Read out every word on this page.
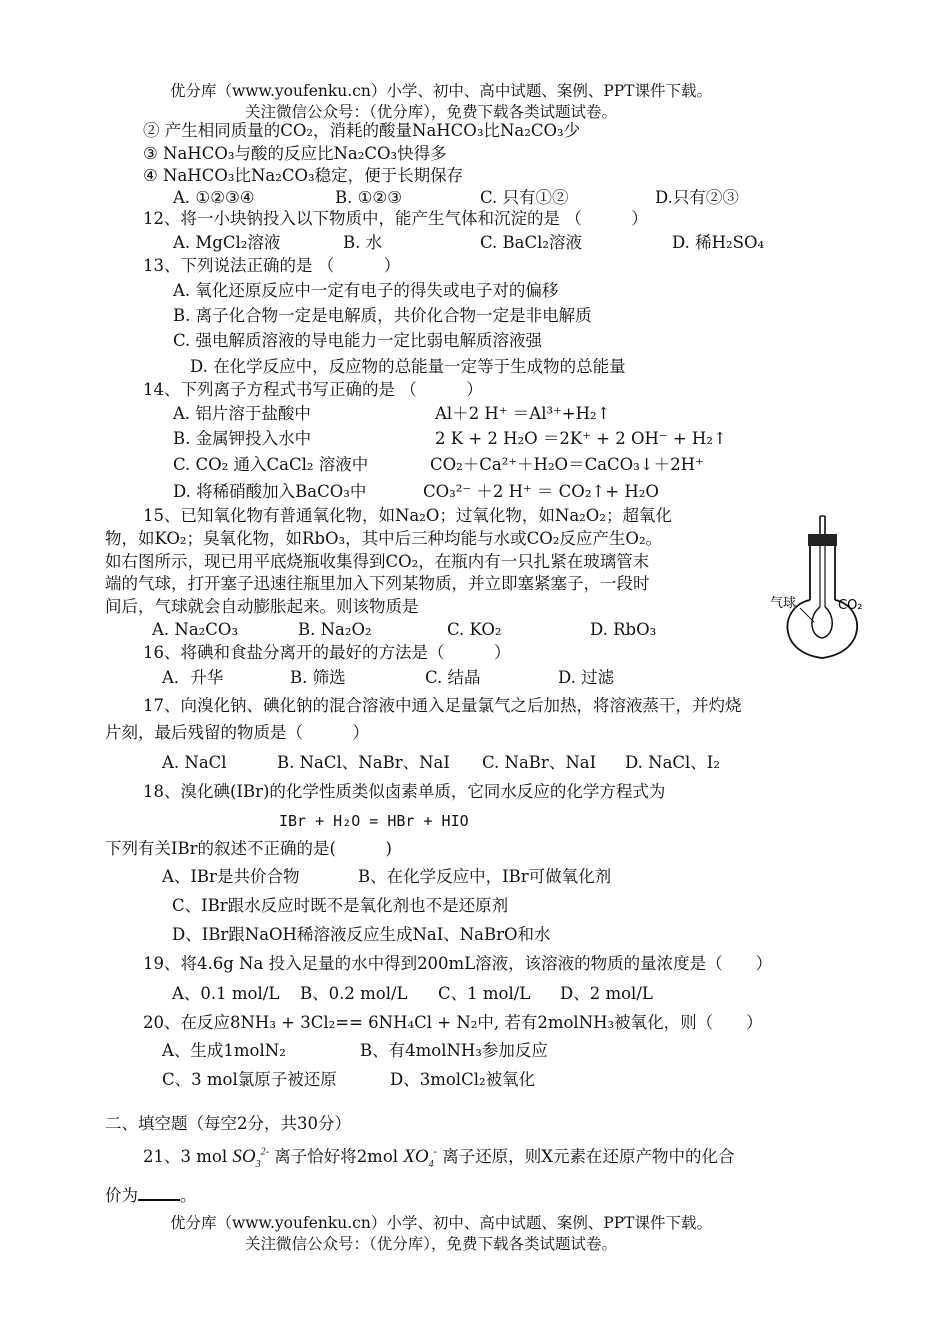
优分库（www.youfenku.cn）小学、初中、高中试题、案例、PPT课件下载。
关注微信公众号：（优分库），免费下载各类试题试卷。
② 产生相同质量的CO₂，消耗的酸量NaHCO₃比Na₂CO₃少
③ NaHCO₃与酸的反应比Na₂CO₃快得多
④ NaHCO₃比Na₂CO₃稳定，便于长期保存
A. ①②③④	B. ①②③	C. 只有①②	D.只有②③
12、将一小块钠投入以下物质中，能产生气体和沉淀的是 （　　　）
A. MgCl₂溶液	B. 水	C. BaCl₂溶液	D. 稀H₂SO₄
13、下列说法正确的是 （　　　）
A. 氧化还原反应中一定有电子的得失或电子对的偏移
B. 离子化合物一定是电解质，共价化合物一定是非电解质
C. 强电解质溶液的导电能力一定比弱电解质溶液强
D. 在化学反应中，反应物的总能量一定等于生成物的总能量
14、下列离子方程式书写正确的是 （　　　）
A. 铝片溶于盐酸中	Al＋2 H⁺ ＝Al³⁺+H₂↑
B. 金属钾投入水中	2 K + 2 H₂O ＝2K⁺ + 2 OH⁻ + H₂↑
C. CO₂ 通入CaCl₂ 溶液中	CO₂＋Ca²⁺＋H₂O＝CaCO₃↓＋2H⁺
D. 将稀硝酸加入BaCO₃中	CO₃²⁻ ＋2 H⁺ ＝ CO₂↑+ H₂O
15、已知氧化物有普通氧化物，如Na₂O；过氧化物，如Na₂O₂；超氧化
物，如KO₂；臭氧化物，如RbO₃，其中后三种均能与水或CO₂反应产生O₂。
如右图所示，现已用平底烧瓶收集得到CO₂，在瓶内有一只扎紧在玻璃管末
端的气球，打开塞子迅速往瓶里加入下列某物质，并立即塞紧塞子，一段时
间后，气球就会自动膨胀起来。则该物质是
A. Na₂CO₃	B. Na₂O₂	C. KO₂	D. RbO₃
气球	CO₂
16、将碘和食盐分离开的最好的方法是（　　　）
A．升华	B. 筛选	C. 结晶	D. 过滤
17、向溴化钠、碘化钠的混合溶液中通入足量氯气之后加热，将溶液蒸干，并灼烧
片刻，最后残留的物质是（　　　）
A. NaCl	B. NaCl、NaBr、NaI C. NaBr、NaI D. NaCl、I₂
18、溴化碘(IBr)的化学性质类似卤素单质，它同水反应的化学方程式为
IBr + H₂O = HBr + HIO
下列有关IBr的叙述不正确的是(　　　)
A、IBr是共价合物	B、在化学反应中，IBr可做氧化剂
C、IBr跟水反应时既不是氧化剂也不是还原剂
D、IBr跟NaOH稀溶液反应生成NaI、NaBrO和水
19、将4.6g Na 投入足量的水中得到200mL溶液，该溶液的物质的量浓度是（　　）
A、0.1 mol/L B、0.2 mol/L C、1 mol/L D、2 mol/L
20、在反应8NH₃ + 3Cl₂== 6NH₄Cl + N₂中, 若有2molNH₃被氧化，则（　　）
A、生成1molN₂	B、有4molNH₃参加反应
C、3 mol氯原子被还原	D、3molCl₂被氧化
二、填空题（每空2分，共30分）
21、3 mol $SO_3^{2-}$ 离子恰好将2mol $XO_4^-$ 离子还原，则X元素在还原产物中的化合
价为	。
优分库（www.youfenku.cn）小学、初中、高中试题、案例、PPT课件下载。
关注微信公众号：（优分库），免费下载各类试题试卷。
